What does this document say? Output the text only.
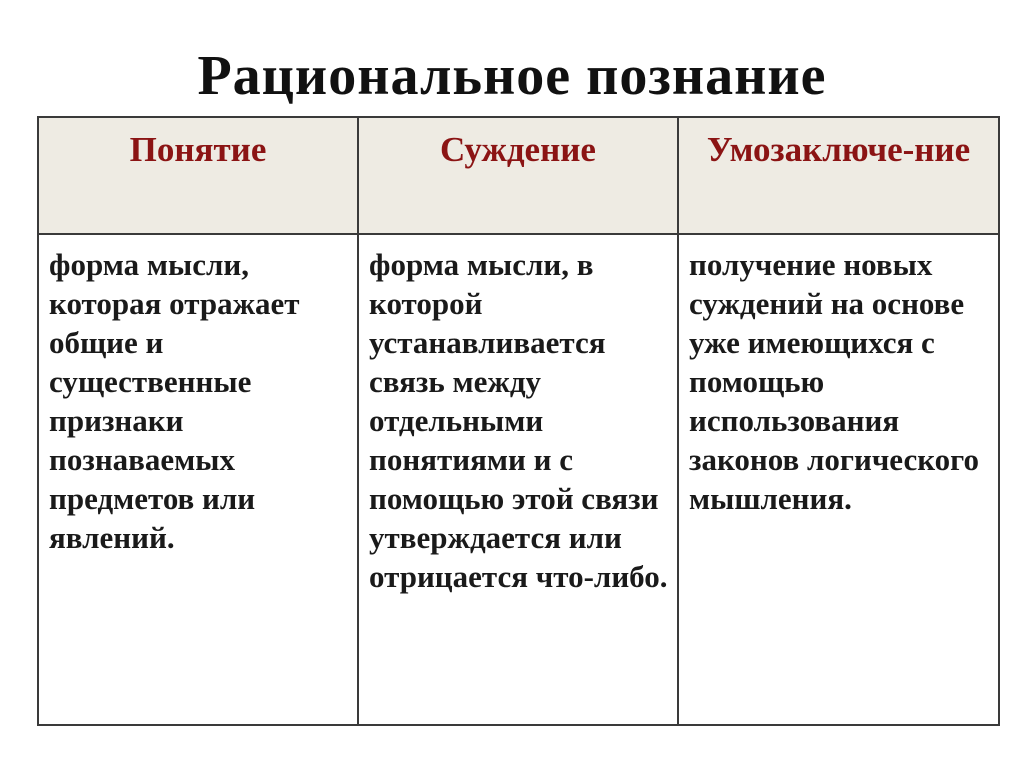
Рациональное познание
Понятие	Суждение	Умозаключе-ние

форма мысли, которая отражает общие и существенные признаки познаваемых предметов или явлений.	форма мысли, в которой устанавливается связь между отдельными понятиями и с помощью этой связи утверждается или отрицается что-либо.	получение новых суждений на основе уже имеющихся с помощью использования законов логического мышления.
